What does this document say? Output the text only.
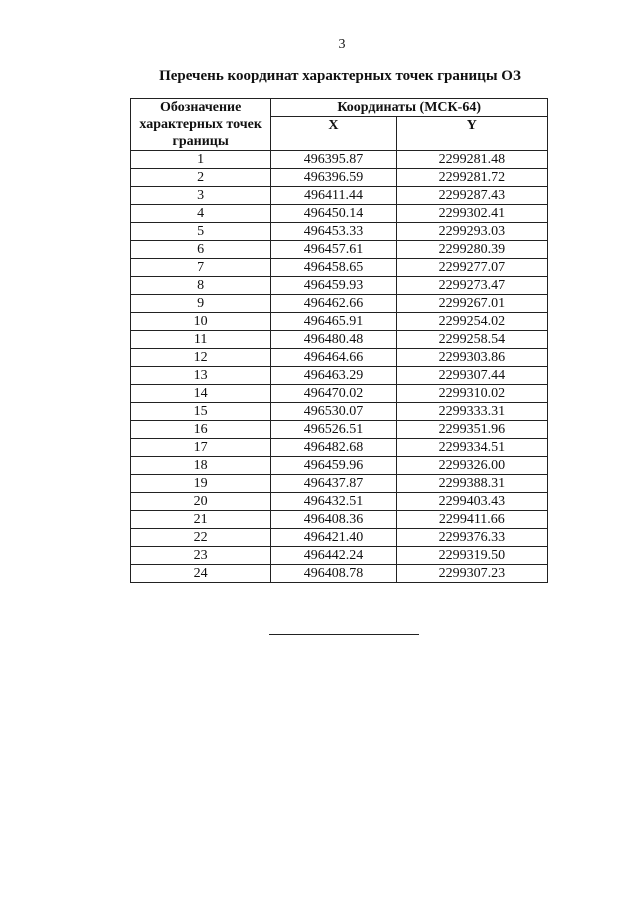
3
Перечень координат характерных точек границы ОЗ
Обозначение
характерных точек
границы	Координаты (МСК-64)	
	X	Y

1	496395.87	2299281.48
2	496396.59	2299281.72
3	496411.44	2299287.43
4	496450.14	2299302.41
5	496453.33	2299293.03
6	496457.61	2299280.39
7	496458.65	2299277.07
8	496459.93	2299273.47
9	496462.66	2299267.01
10	496465.91	2299254.02
11	496480.48	2299258.54
12	496464.66	2299303.86
13	496463.29	2299307.44
14	496470.02	2299310.02
15	496530.07	2299333.31
16	496526.51	2299351.96
17	496482.68	2299334.51
18	496459.96	2299326.00
19	496437.87	2299388.31
20	496432.51	2299403.43
21	496408.36	2299411.66
22	496421.40	2299376.33
23	496442.24	2299319.50
24	496408.78	2299307.23
